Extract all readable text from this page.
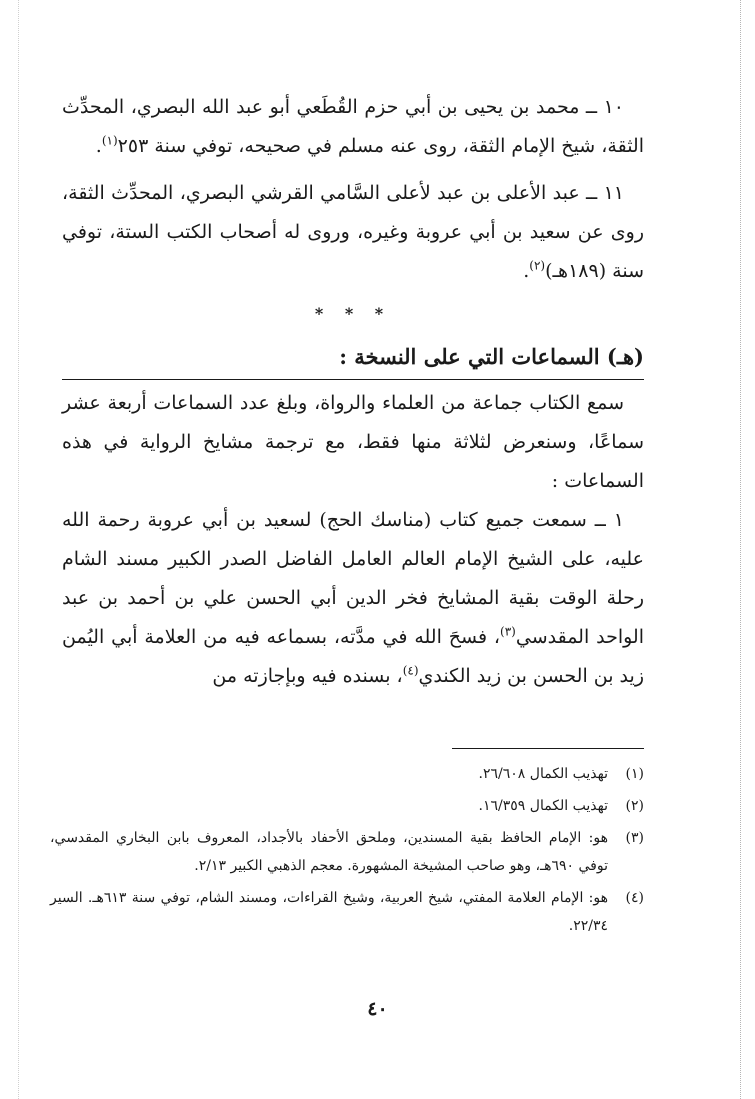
١٠ ــ محمد بن يحيى بن أبي حزم القُطَعي أبو عبد الله البصري، المحدِّث الثقة، شيخ الإمام الثقة، روى عنه مسلم في صحيحه، توفي سنة ٢٥٣$^{(١)}$.

١١ ــ عبد الأعلى بن عبد لأعلى السَّامي القرشي البصري، المحدِّث الثقة، روى عن سعيد بن أبي عروبة وغيره، وروى له أصحاب الكتب الستة، توفي سنة (١٨٩هـ)$^{(٢)}$.

* * *
(هـ) السماعات التي على النسخة :

سمع الكتاب جماعة من العلماء والرواة، وبلغ عدد السماعات أربعة عشر سماعًا، وسنعرض لثلاثة منها فقط، مع ترجمة مشايخ الرواية في هذه السماعات :

١ ــ سمعت جميع كتاب (مناسك الحج) لسعيد بن أبي عروبة رحمة الله عليه، على الشيخ الإمام العالم العامل الفاضل الصدر الكبير مسند الشام رحلة الوقت بقية المشايخ فخر الدين أبي الحسن علي بن أحمد بن عبد الواحد المقدسي$^{(٣)}$، فسحَ الله في مدَّته، بسماعه فيه من العلامة أبي اليُمن زيد بن الحسن بن زيد الكندي$^{(٤)}$، بسنده فيه وبإجازته من

(١)
تهذيب الكمال ٢٦/٦٠٨.
(٢)
تهذيب الكمال ١٦/٣٥٩.
(٣)
هو: الإمام الحافظ بقية المسندين، وملحق الأحفاد بالأجداد، المعروف بابن البخاري المقدسي، توفي ٦٩٠هـ، وهو صاحب المشيخة المشهورة. معجم الذهبي الكبير ٢/١٣.
(٤)
هو: الإمام العلامة المفتي، شيخ العربية، وشيخ القراءات، ومسند الشام، توفي سنة ٦١٣هـ. السير ٢٢/٣٤.
٤٠
